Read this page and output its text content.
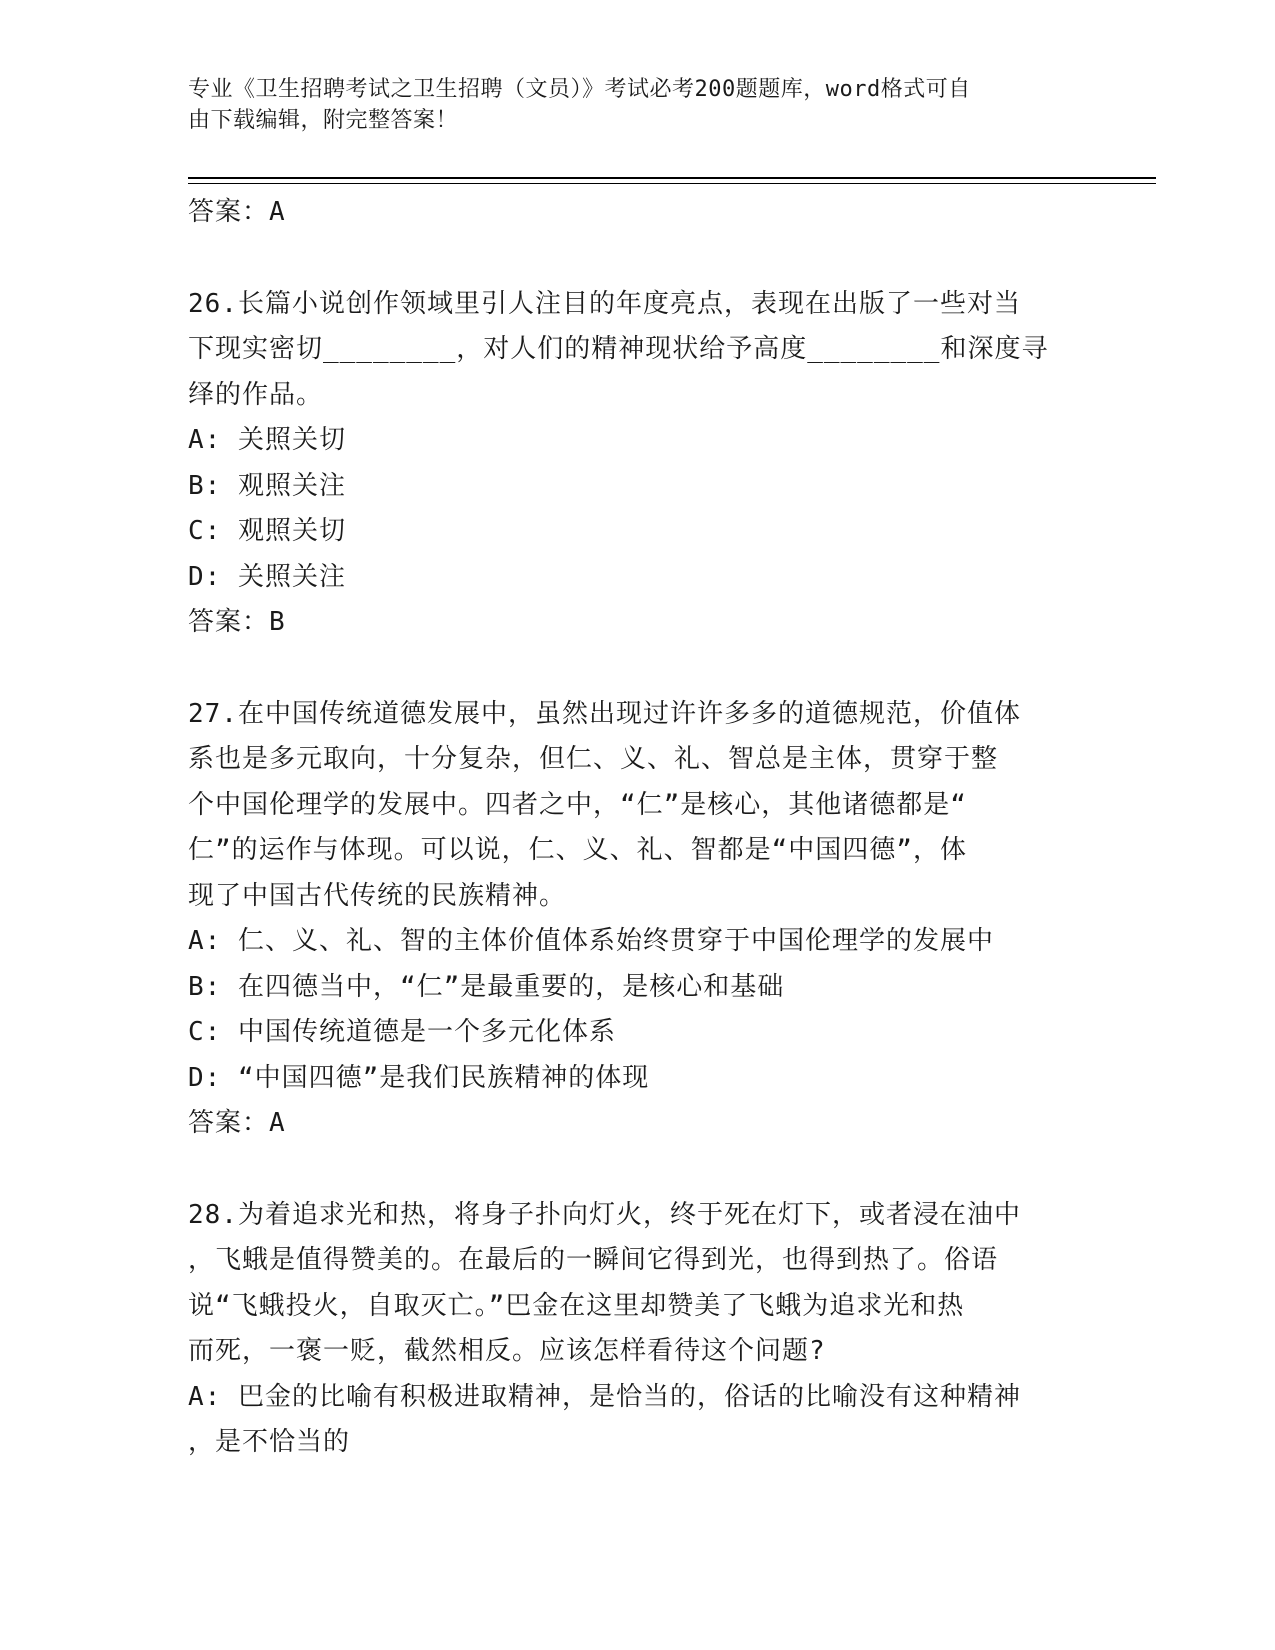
专业《卫生招聘考试之卫生招聘（文员）》考试必考200题题库，word格式可自
由下载编辑，附完整答案！
答案：A
26.长篇小说创作领域里引人注目的年度亮点，表现在出版了一些对当
下现实密切________，对人们的精神现状给予高度________和深度寻
绎的作品。
A: 关照关切
B: 观照关注
C: 观照关切
D: 关照关注
答案：B
27.在中国传统道德发展中，虽然出现过许许多多的道德规范，价值体
系也是多元取向，十分复杂，但仁、义、礼、智总是主体，贯穿于整
个中国伦理学的发展中。四者之中，“仁”是核心，其他诸德都是“
仁”的运作与体现。可以说，仁、义、礼、智都是“中国四德”，体
现了中国古代传统的民族精神。
A: 仁、义、礼、智的主体价值体系始终贯穿于中国伦理学的发展中
B: 在四德当中，“仁”是最重要的，是核心和基础
C: 中国传统道德是一个多元化体系
D: “中国四德”是我们民族精神的体现
答案：A
28.为着追求光和热，将身子扑向灯火，终于死在灯下，或者浸在油中
，飞蛾是值得赞美的。在最后的一瞬间它得到光，也得到热了。俗语
说“飞蛾投火，自取灭亡。”巴金在这里却赞美了飞蛾为追求光和热
而死，一褒一贬，截然相反。应该怎样看待这个问题?
A: 巴金的比喻有积极进取精神，是恰当的，俗话的比喻没有这种精神
，是不恰当的
